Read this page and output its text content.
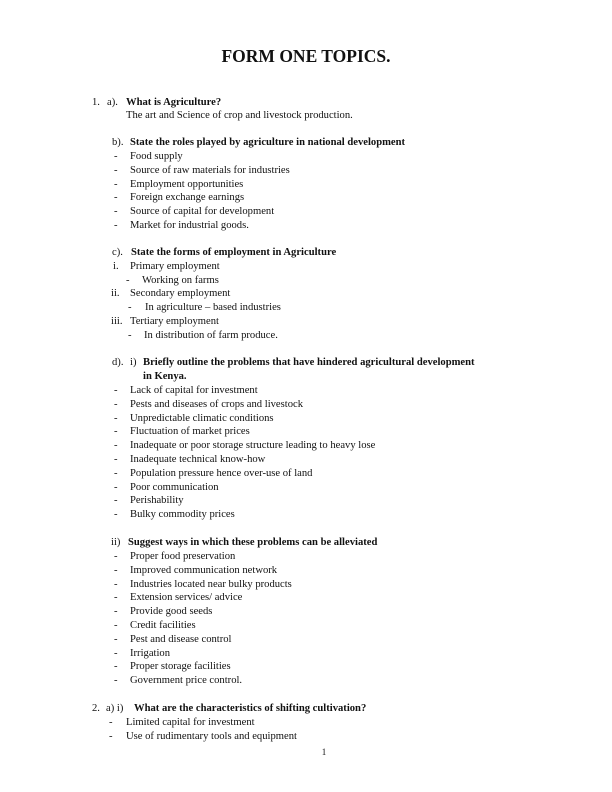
FORM ONE TOPICS.
1. a). What is Agriculture?
The art and Science of crop and livestock production.
b). State the roles played by agriculture in national development
- Food supply
- Source of raw materials for industries
- Employment opportunities
- Foreign exchange earnings
- Source of capital for development
- Market for industrial goods.
c). State the forms of employment in Agriculture
i. Primary employment
- Working on farms
ii. Secondary employment
- In agriculture – based industries
iii. Tertiary employment
- In distribution of farm produce.
d). i) Briefly outline the problems that have hindered agricultural development
in Kenya.
- Lack of capital for investment
- Pests and diseases of crops and livestock
- Unpredictable climatic conditions
- Fluctuation of market prices
- Inadequate or poor storage structure leading to heavy lose
- Inadequate technical know-how
- Population pressure hence over-use of land
- Poor communication
- Perishability
- Bulky commodity prices
ii) Suggest ways in which these problems can be alleviated
- Proper food preservation
- Improved communication network
- Industries located near bulky products
- Extension services/ advice
- Provide good seeds
- Credit facilities
- Pest and disease control
- Irrigation
- Proper storage facilities
- Government price control.
2. a) i) What are the characteristics of shifting cultivation?
- Limited capital for investment
- Use of rudimentary tools and equipment
1
